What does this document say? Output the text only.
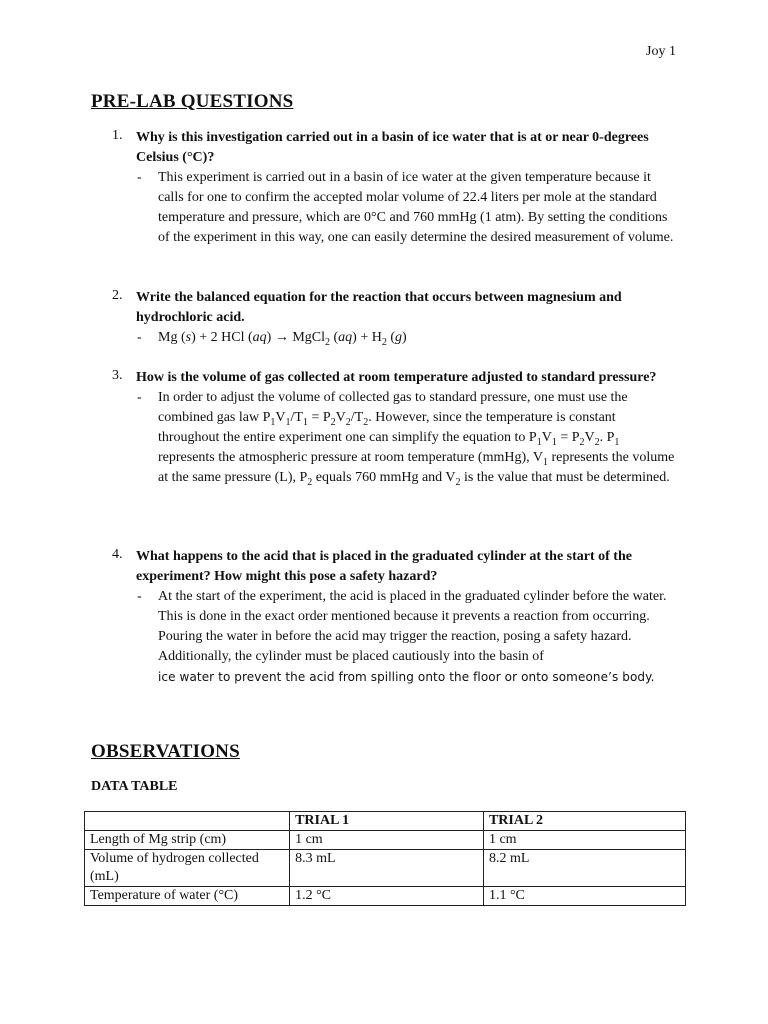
Joy 1
PRE-LAB QUESTIONS
1. Why is this investigation carried out in a basin of ice water that is at or near 0-degrees Celsius (°C)?
- This experiment is carried out in a basin of ice water at the given temperature because it calls for one to confirm the accepted molar volume of 22.4 liters per mole at the standard temperature and pressure, which are 0°C and 760 mmHg (1 atm). By setting the conditions of the experiment in this way, one can easily determine the desired measurement of volume.
2. Write the balanced equation for the reaction that occurs between magnesium and hydrochloric acid.
- Mg (s) + 2 HCl (aq) → MgCl$_2$ $(aq) + H_2$ (g)
3. How is the volume of gas collected at room temperature adjusted to standard pressure?
- In order to adjust the volume of collected gas to standard pressure, one must use the combined gas law $P_1V_1/T_1 = P_2V_2/T_2$. However, since the temperature is constant throughout the entire experiment one can simplify the equation to $P_1V_1 = P_2V_2$. $P_1$ represents the atmospheric pressure at room temperature (mmHg), $V_1$ represents the volume at the same pressure (L), $P_2$ equals 760 mmHg and $V_2$ is the value that must be determined.
4. What happens to the acid that is placed in the graduated cylinder at the start of the experiment? How might this pose a safety hazard?
- At the start of the experiment, the acid is placed in the graduated cylinder before the water. This is done in the exact order mentioned because it prevents a reaction from occurring. Pouring the water in before the acid may trigger the reaction, posing a safety hazard. Additionally, the cylinder must be placed cautiously into the basin of
ice water to prevent the acid from spilling onto the floor or onto someone’s body.
OBSERVATIONS
DATA TABLE
	TRIAL 1	TRIAL 2
Length of Mg strip (cm)	1 cm	1 cm
Volume of hydrogen collected (mL)	8.3 mL	8.2 mL
Temperature of water (°C)	1.2 °C	1.1 °C
